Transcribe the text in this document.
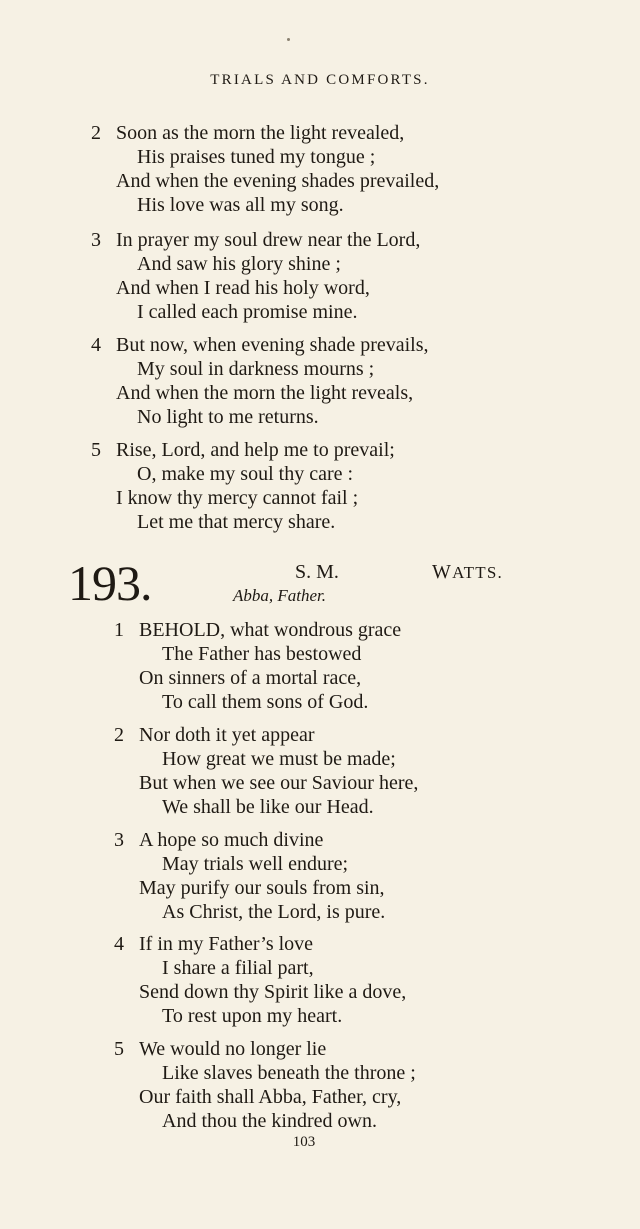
TRIALS AND COMFORTS.
2 Soon as the morn the light revealed,
His praises tuned my tongue ;
And when the evening shades prevailed,
His love was all my song.
3 In prayer my soul drew near the Lord,
And saw his glory shine ;
And when I read his holy word,
I called each promise mine.
4 But now, when evening shade prevails,
My soul in darkness mourns ;
And when the morn the light reveals,
No light to me returns.
5 Rise, Lord, and help me to prevail;
O, make my soul thy care :
I know thy mercy cannot fail ;
Let me that mercy share.
193.	S. M.	WATTS.
Abba, Father.
1 BEHOLD, what wondrous grace
The Father has bestowed
On sinners of a mortal race,
To call them sons of God.
2 Nor doth it yet appear
How great we must be made;
But when we see our Saviour here,
We shall be like our Head.
3 A hope so much divine
May trials well endure;
May purify our souls from sin,
As Christ, the Lord, is pure.
4 If in my Father’s love
I share a filial part,
Send down thy Spirit like a dove,
To rest upon my heart.
5 We would no longer lie
Like slaves beneath the throne ;
Our faith shall Abba, Father, cry,
And thou the kindred own.
103
